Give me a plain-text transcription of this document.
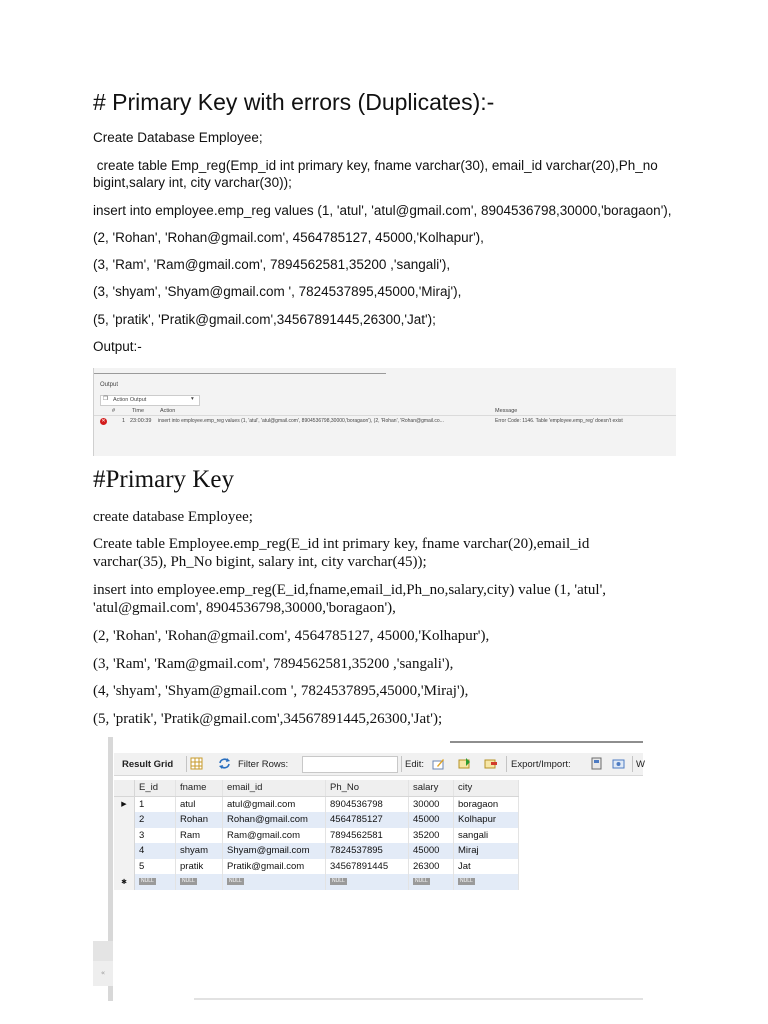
# Primary Key with errors (Duplicates):-
Create Database Employee;
create table Emp_reg(Emp_id int primary key, fname varchar(30), email_id varchar(20),Ph_no
bigint,salary int, city varchar(30));
insert into employee.emp_reg values (1, 'atul', 'atul@gmail.com', 8904536798,30000,'boragaon'),
(2, 'Rohan', 'Rohan@gmail.com', 4564785127, 45000,'Kolhapur'),
(3, 'Ram', 'Ram@gmail.com', 7894562581,35200 ,'sangali'),
(3, 'shyam', 'Shyam@gmail.com ', 7824537895,45000,'Miraj'),
(5, 'pratik', 'Pratik@gmail.com',34567891445,26300,'Jat');
Output:-
Output
Action Output	▾
❐
#	Time	Action	Message
✕	1 23:00:39 insert into employee.emp_reg values (1, 'atul', 'atul@gmail.com', 8904536798,30000,'boragaon'), (2, 'Rohan', 'Rohan@gmail.co...	Error Code: 1146. Table 'employee.emp_reg' doesn't exist
#Primary Key
create database Employee;
Create table Employee.emp_reg(E_id int primary key, fname varchar(20),email_id
varchar(35), Ph_No bigint, salary int, city varchar(45));
insert into employee.emp_reg(E_id,fname,email_id,Ph_no,salary,city) value (1, 'atul',
'atul@gmail.com', 8904536798,30000,'boragaon'),
(2, 'Rohan', 'Rohan@gmail.com', 4564785127, 45000,'Kolhapur'),
(3, 'Ram', 'Ram@gmail.com', 7894562581,35200 ,'sangali'),
(4, 'shyam', 'Shyam@gmail.com ', 7824537895,45000,'Miraj'),
(5, 'pratik', 'Pratik@gmail.com',34567891445,26300,'Jat');
«
Result Grid	Filter Rows:	Edit:	Export/Import:	W
	E_id	fname	email_id	Ph_No	salary	city
▶	1	atul	atul@gmail.com	8904536798	30000	boragaon
	2	Rohan	Rohan@gmail.com	4564785127	45000	Kolhapur
	3	Ram	Ram@gmail.com	7894562581	35200	sangali
	4	shyam	Shyam@gmail.com	7824537895	45000	Miraj
	5	pratik	Pratik@gmail.com	34567891445	26300	Jat
✱	NULL	NULL	NULL	NULL	NULL	NULL
